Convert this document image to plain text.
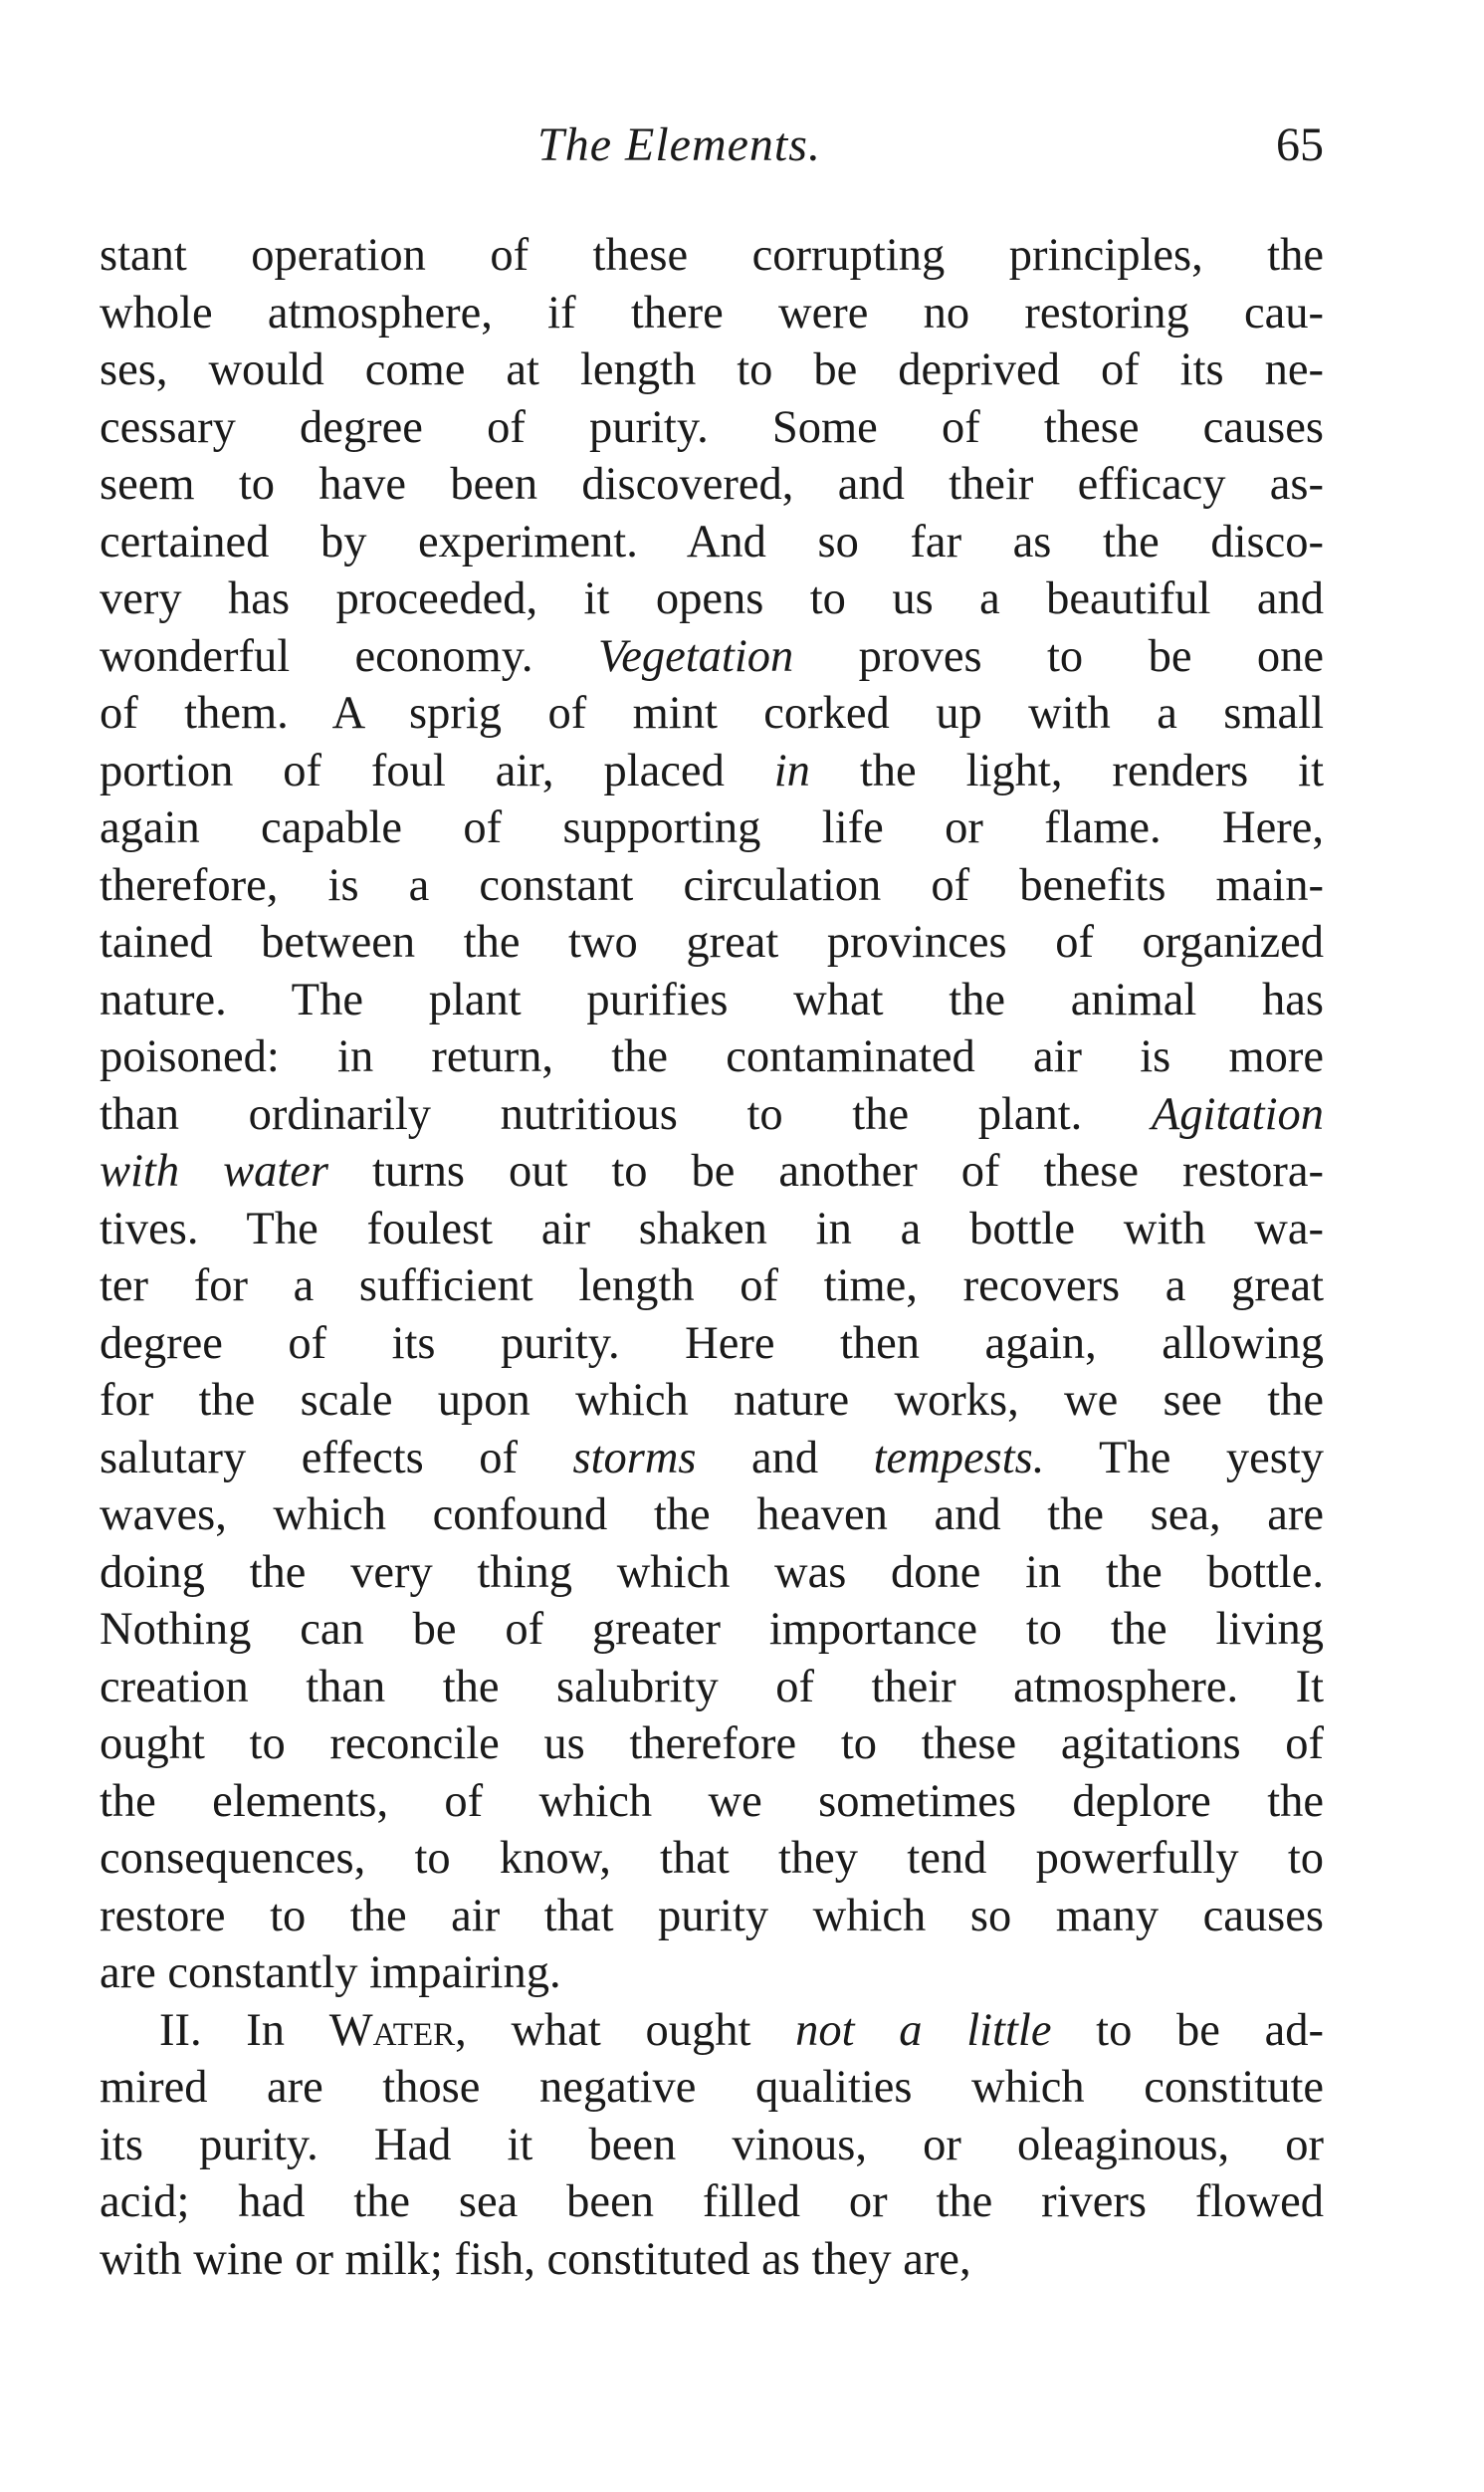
The Elements.	65
stant operation of these corrupting principles, the
whole atmosphere, if there were no restoring cau-
ses, would come at length to be deprived of its ne-
cessary degree of purity. Some of these causes
seem to have been discovered, and their efficacy as-
certained by experiment. And so far as the disco-
very has proceeded, it opens to us a beautiful and
wonderful economy. Vegetation proves to be one
of them. A sprig of mint corked up with a small
portion of foul air, placed in the light, renders it
again capable of supporting life or flame. Here,
therefore, is a constant circulation of benefits main-
tained between the two great provinces of organized
nature. The plant purifies what the animal has
poisoned: in return, the contaminated air is more
than ordinarily nutritious to the plant. Agitation
with water turns out to be another of these restora-
tives. The foulest air shaken in a bottle with wa-
ter for a sufficient length of time, recovers a great
degree of its purity. Here then again, allowing
for the scale upon which nature works, we see the
salutary effects of storms and tempests. The yesty
waves, which confound the heaven and the sea, are
doing the very thing which was done in the bottle.
Nothing can be of greater importance to the living
creation than the salubrity of their atmosphere. It
ought to reconcile us therefore to these agitations of
the elements, of which we sometimes deplore the
consequences, to know, that they tend powerfully to
restore to the air that purity which so many causes
are constantly impairing.
II. In Water, what ought not a little to be ad-
mired are those negative qualities which constitute
its purity. Had it been vinous, or oleaginous, or
acid; had the sea been filled or the rivers flowed
with wine or milk; fish, constituted as they are,
